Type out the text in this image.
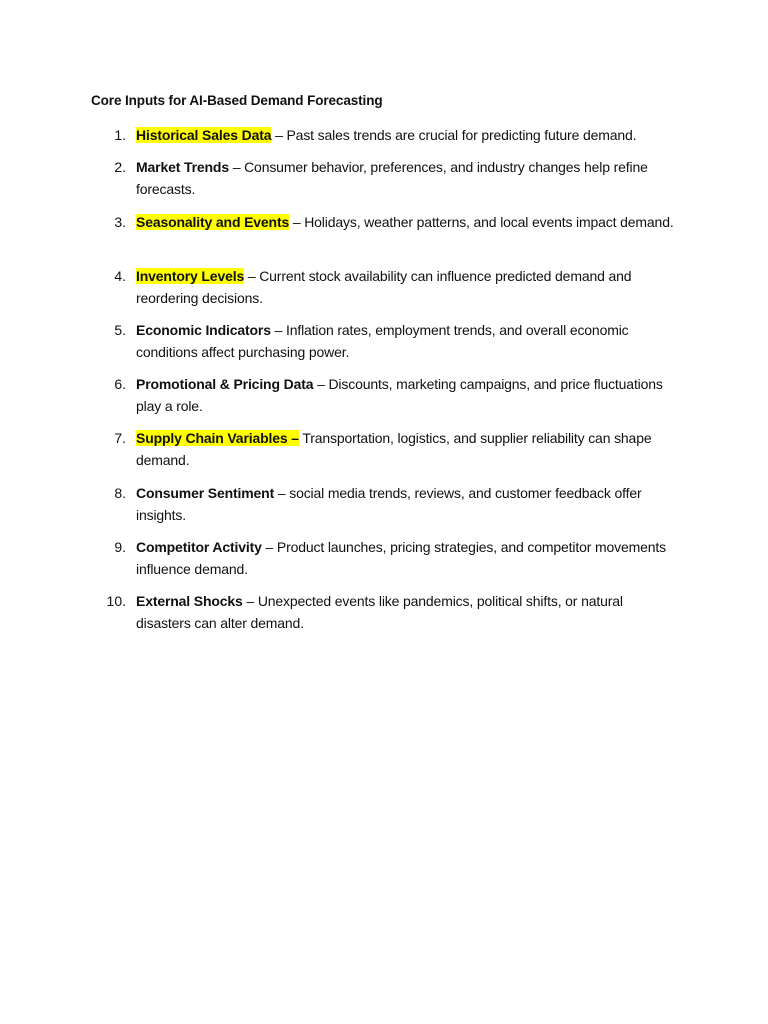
Core Inputs for AI-Based Demand Forecasting
1. Historical Sales Data – Past sales trends are crucial for predicting future demand.
2. Market Trends – Consumer behavior, preferences, and industry changes help refine forecasts.
3. Seasonality and Events – Holidays, weather patterns, and local events impact demand.
4. Inventory Levels – Current stock availability can influence predicted demand and reordering decisions.
5. Economic Indicators – Inflation rates, employment trends, and overall economic conditions affect purchasing power.
6. Promotional & Pricing Data – Discounts, marketing campaigns, and price fluctuations play a role.
7. Supply Chain Variables – Transportation, logistics, and supplier reliability can shape demand.
8. Consumer Sentiment – social media trends, reviews, and customer feedback offer insights.
9. Competitor Activity – Product launches, pricing strategies, and competitor movements influence demand.
10. External Shocks – Unexpected events like pandemics, political shifts, or natural disasters can alter demand.
